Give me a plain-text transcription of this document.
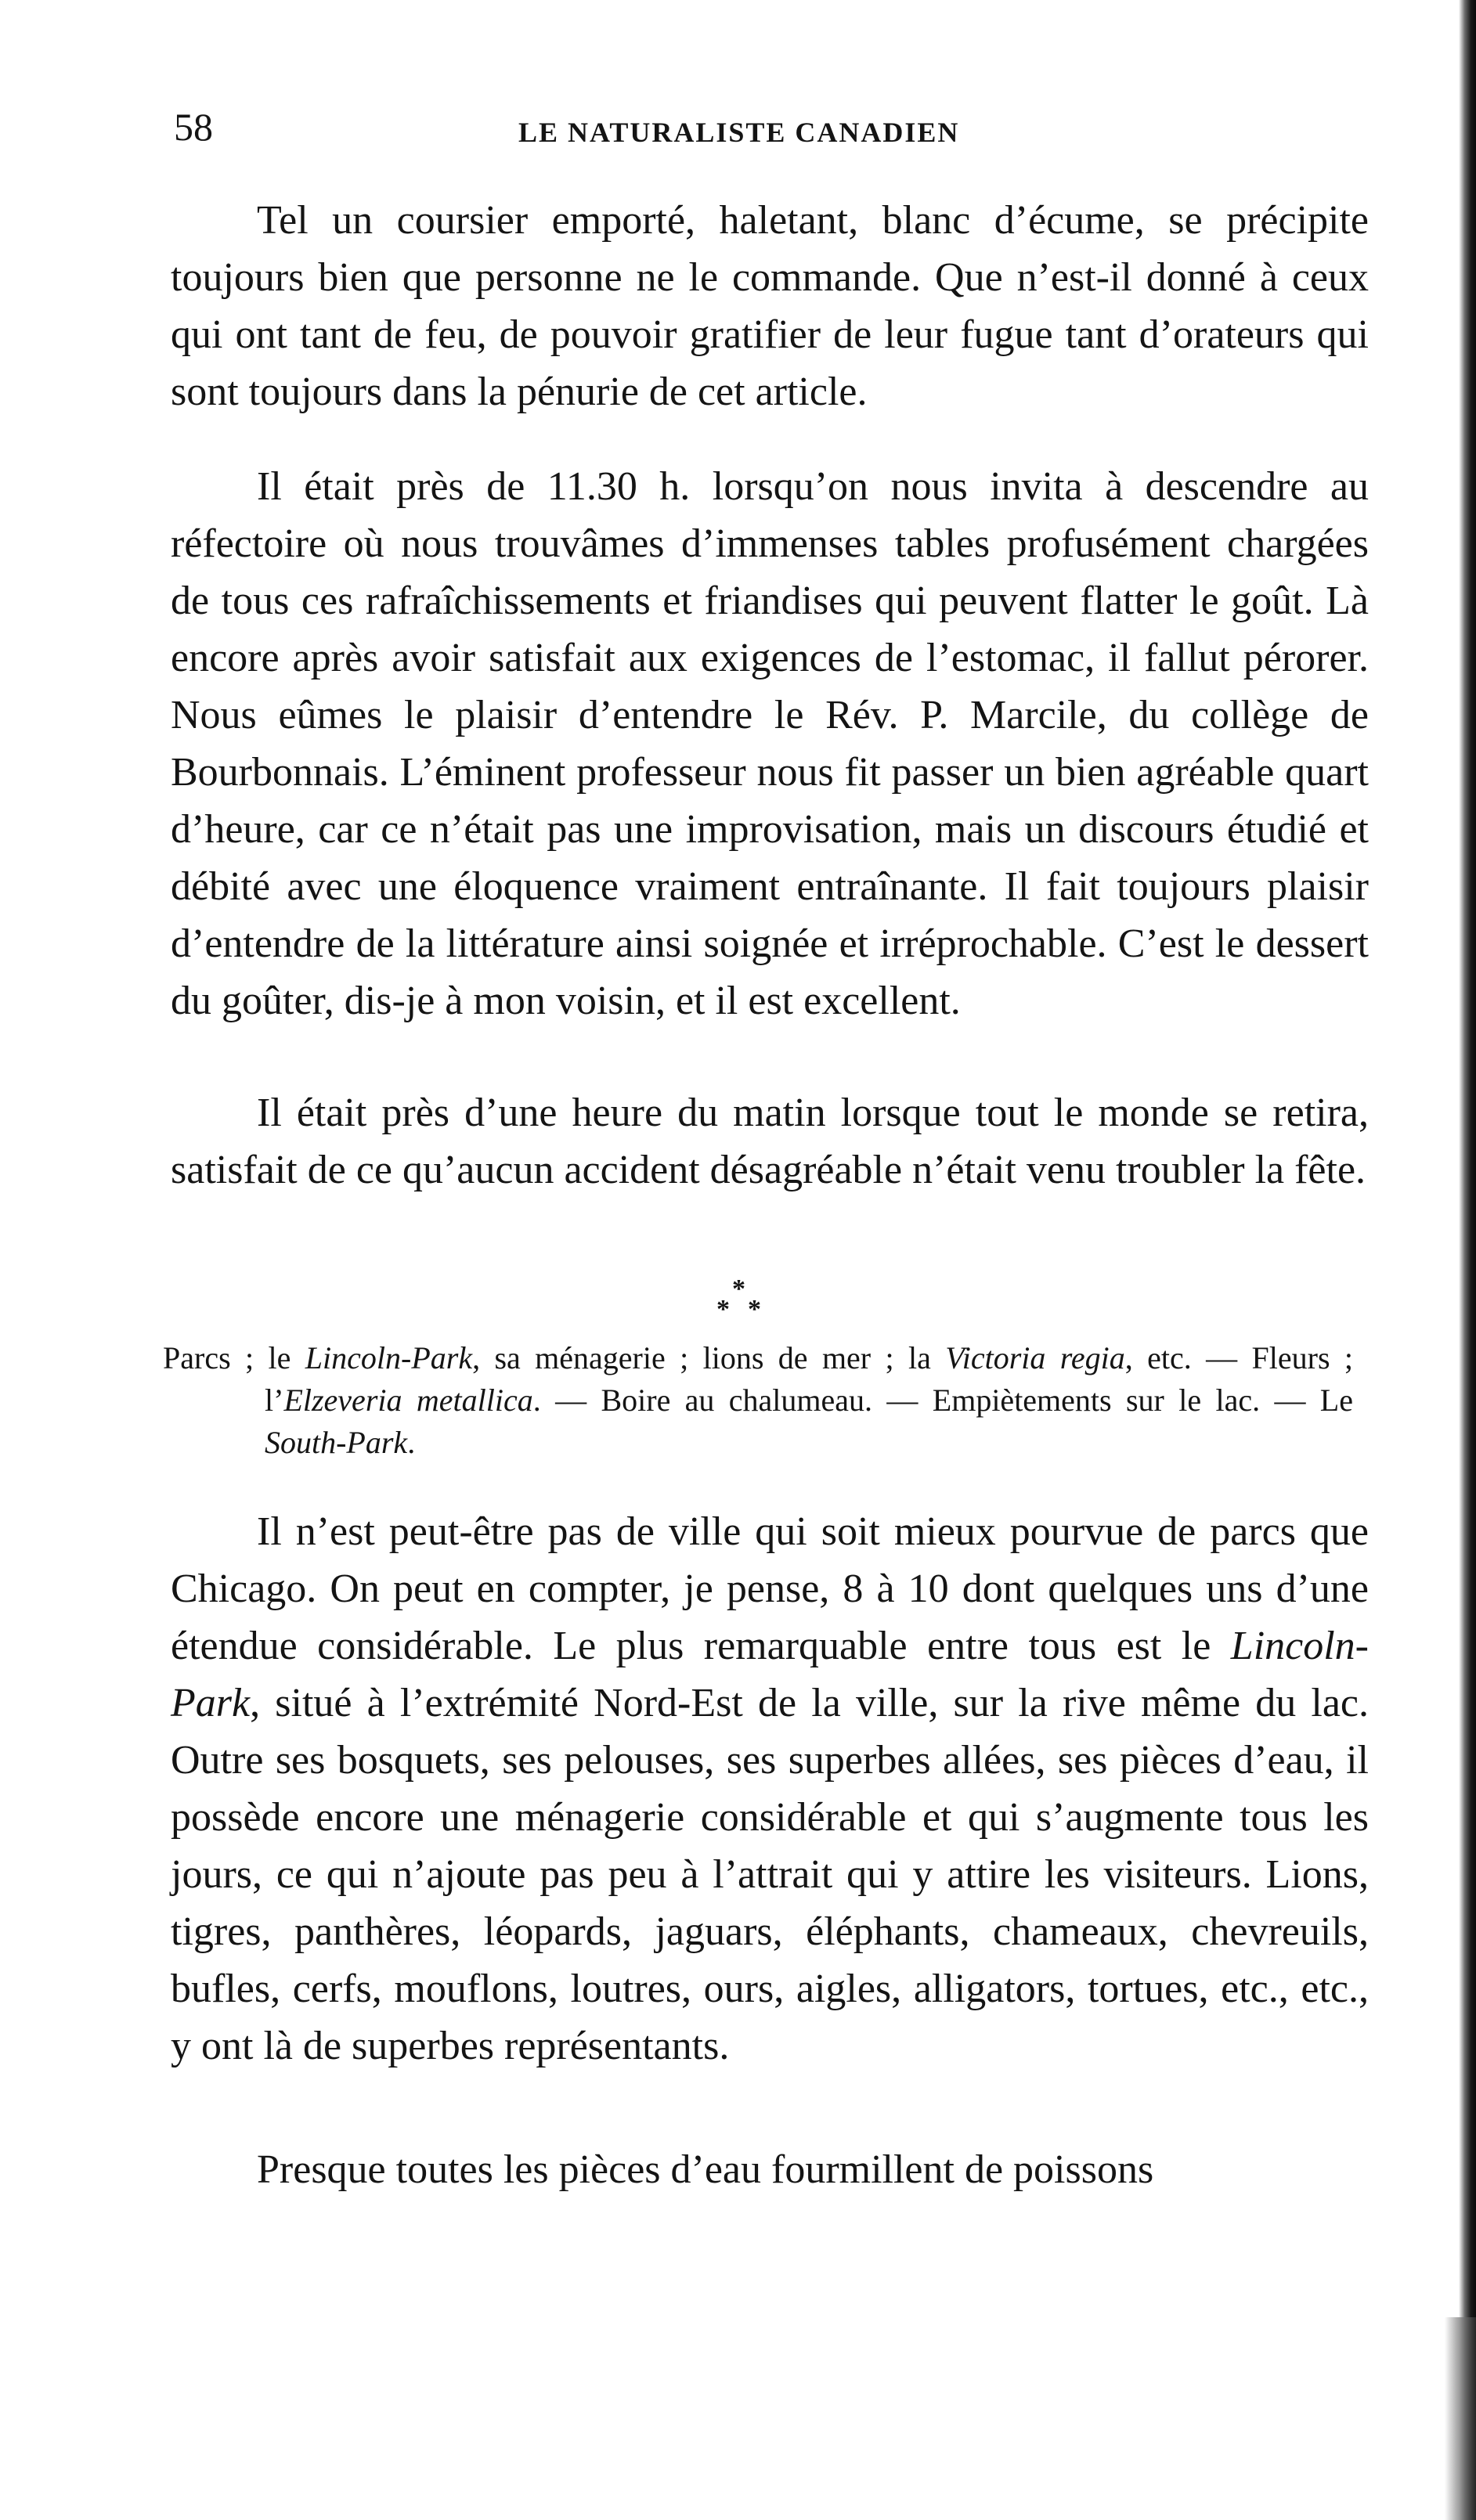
58	LE NATURALISTE CANADIEN

Tel un coursier emporté, haletant, blanc d’écume, se précipite toujours bien que personne ne le commande. Que n’est-il donné à ceux qui ont tant de feu, de pouvoir gratifier de leur fugue tant d’orateurs qui sont toujours dans la pénurie de cet article.

Il était près de 11.30 h. lorsqu’on nous invita à descendre au réfectoire où nous trouvâmes d’immenses tables profusément chargées de tous ces rafraîchissements et friandises qui peuvent flatter le goût. Là encore après avoir satisfait aux exigences de l’estomac, il fallut pérorer. Nous eûmes le plaisir d’entendre le Rév. P. Marcile, du collège de Bourbonnais. L’éminent professeur nous fit passer un bien agréable quart d’heure, car ce n’était pas une improvisation, mais un discours étudié et débité avec une éloquence vraiment entraînante. Il fait toujours plaisir d’entendre de la littérature ainsi soignée et irréprochable. C’est le dessert du goûter, dis-je à mon voisin, et il est excellent.

Il était près d’une heure du matin lorsque tout le monde se retira, satisfait de ce qu’aucun accident désagréable n’était venu troubler la fête.

*
* *
Parcs ; le Lincoln-Park, sa ménagerie ; lions de mer ; la Victoria regia, etc. — Fleurs ; l’Elzeveria metallica. — Boire au chalumeau. — Empiètements sur le lac. — Le South-Park.

Il n’est peut-être pas de ville qui soit mieux pourvue de parcs que Chicago. On peut en compter, je pense, 8 à 10 dont quelques uns d’une étendue considérable. Le plus remarquable entre tous est le Lincoln-Park, situé à l’extrémité Nord-Est de la ville, sur la rive même du lac. Outre ses bosquets, ses pelouses, ses superbes allées, ses pièces d’eau, il possède encore une ménagerie considérable et qui s’augmente tous les jours, ce qui n’ajoute pas peu à l’attrait qui y attire les visiteurs. Lions, tigres, panthères, léopards, jaguars, éléphants, chameaux, chevreuils, bufles, cerfs, mouflons, loutres, ours, aigles, alligators, tortues, etc., etc., y ont là de superbes représentants.

Presque toutes les pièces d’eau fourmillent de poissons
